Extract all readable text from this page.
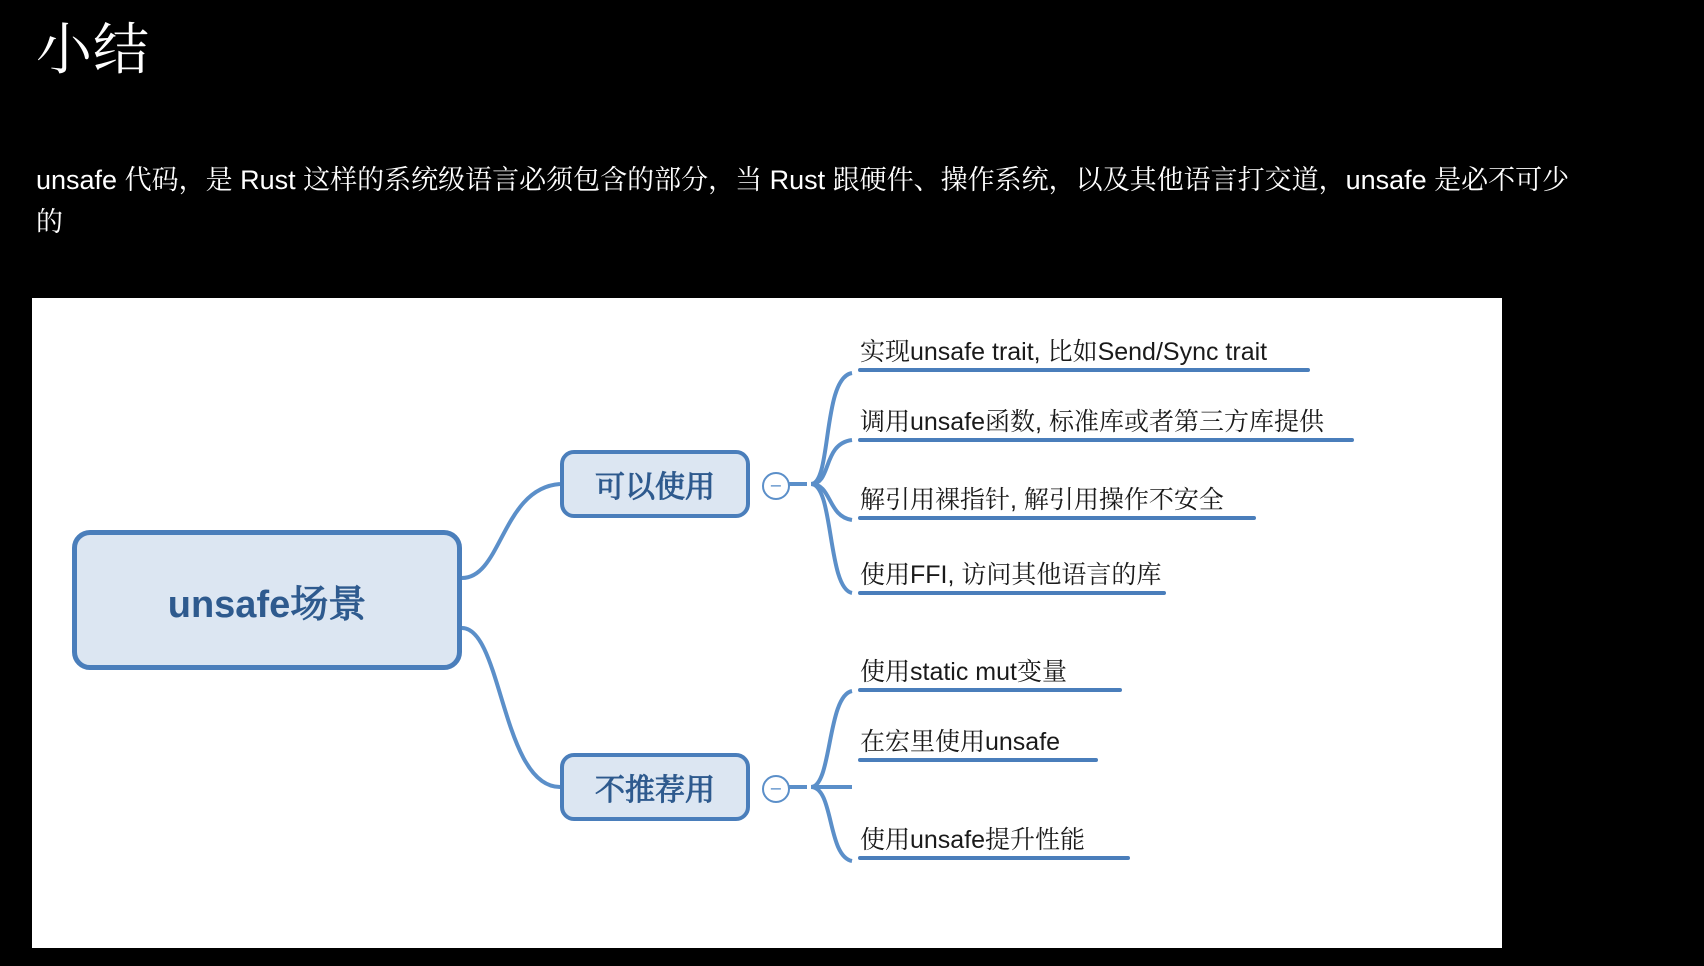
小结
unsafe 代码，是 Rust 这样的系统级语言必须包含的部分，当 Rust 跟硬件、操作系统，以及其他语言打交道，unsafe 是必不可少的
unsafe场景
可以使用	−
不推荐用	−
实现unsafe trait, 比如Send/Sync trait
调用unsafe函数, 标准库或者第三方库提供
解引用裸指针, 解引用操作不安全
使用FFI, 访问其他语言的库
使用static mut变量
在宏里使用unsafe
使用unsafe提升性能
